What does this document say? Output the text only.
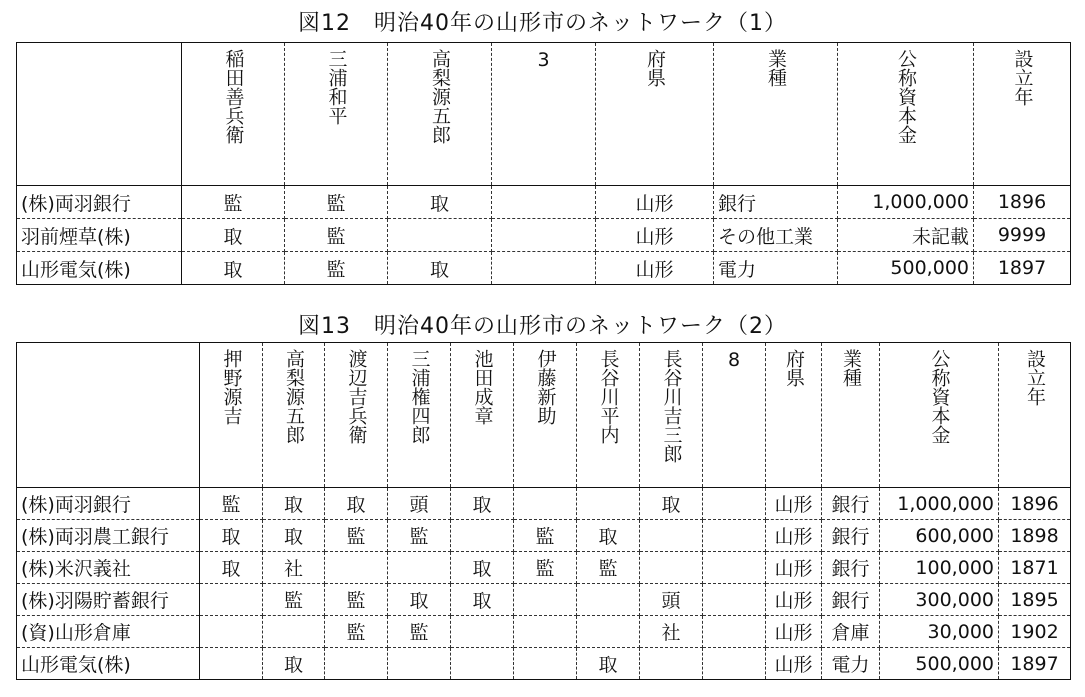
図12　明治40年の山形市のネットワーク（1）

	稲田善兵衛	三浦和平	高梨源五郎	3	府県	業種	公称資本金	設立年

(株)両羽銀行	監	監	取		山形	銀行	1,000,000	1896
羽前煙草(株)	取	監			山形	その他工業	未記載	9999
山形電気(株)	取	監	取		山形	電力	500,000	1897
図13　明治40年の山形市のネットワーク（2）

	押野源吉	高梨源五郎	渡辺吉兵衛	三浦権四郎	池田成章	伊藤新助	長谷川平内	長谷川吉三郎	8	府県	業種	公称資本金	設立年

(株)両羽銀行	監	取	取	頭	取			取		山形	銀行	1,000,000	1896
(株)両羽農工銀行	取	取	監	監		監	取			山形	銀行	600,000	1898
(株)米沢義社	取	社			取	監	監			山形	銀行	100,000	1871
(株)羽陽貯蓄銀行		監	監	取	取			頭		山形	銀行	300,000	1895
(資)山形倉庫			監	監				社		山形	倉庫	30,000	1902
山形電気(株)		取					取			山形	電力	500,000	1897
